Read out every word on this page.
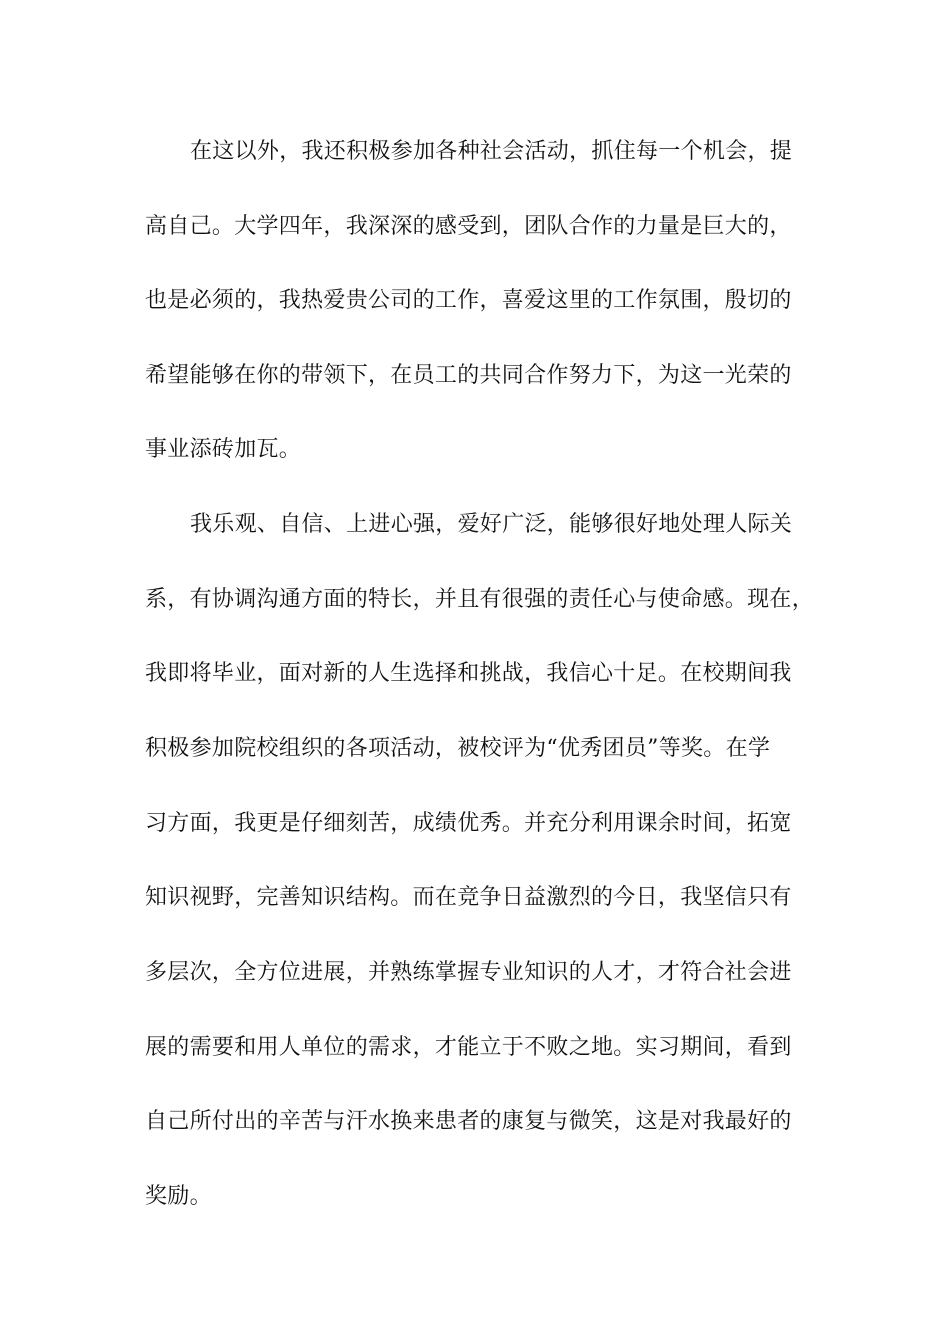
在这以外，我还积极参加各种社会活动，抓住每一个机会，提
高自己。大学四年，我深深的感受到，团队合作的力量是巨大的，
也是必须的，我热爱贵公司的工作，喜爱这里的工作氛围，殷切的
希望能够在你的带领下，在员工的共同合作努力下，为这一光荣的
事业添砖加瓦。
我乐观、自信、上进心强，爱好广泛，能够很好地处理人际关
系，有协调沟通方面的特长，并且有很强的责任心与使命感。现在，
我即将毕业，面对新的人生选择和挑战，我信心十足。在校期间我
积极参加院校组织的各项活动，被校评为“优秀团员”等奖。在学
习方面，我更是仔细刻苦，成绩优秀。并充分利用课余时间，拓宽
知识视野，完善知识结构。而在竞争日益激烈的今日，我坚信只有
多层次，全方位进展，并熟练掌握专业知识的人才，才符合社会进
展的需要和用人单位的需求，才能立于不败之地。实习期间，看到
自己所付出的辛苦与汗水换来患者的康复与微笑，这是对我最好的
奖励。
